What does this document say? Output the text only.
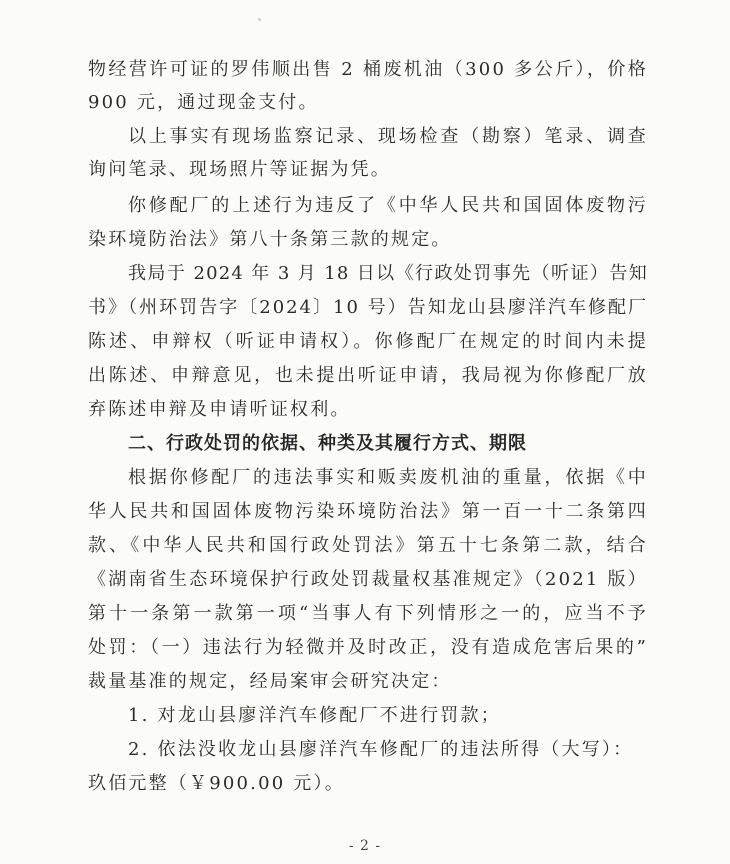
物经营许可证的罗伟顺出售 2 桶废机油（300 多公斤），价格
900 元，通过现金支付。
以上事实有现场监察记录、现场检查（勘察）笔录、调查
询问笔录、现场照片等证据为凭。
你修配厂的上述行为违反了《中华人民共和国固体废物污
染环境防治法》第八十条第三款的规定。
我局于 2024 年 3 月 18 日以《行政处罚事先（听证）告知
书》（州环罚告字〔2024〕10 号）告知龙山县廖洋汽车修配厂
陈述、申辩权（听证申请权）。你修配厂在规定的时间内未提
出陈述、申辩意见，也未提出听证申请，我局视为你修配厂放
弃陈述申辩及申请听证权利。
二、行政处罚的依据、种类及其履行方式、期限
根据你修配厂的违法事实和贩卖废机油的重量，依据《中
华人民共和国固体废物污染环境防治法》第一百一十二条第四
款、《中华人民共和国行政处罚法》第五十七条第二款，结合
《湖南省生态环境保护行政处罚裁量权基准规定》（2021 版）
第十一条第一款第一项“当事人有下列情形之一的，应当不予
处罚：（一）违法行为轻微并及时改正，没有造成危害后果的”
裁量基准的规定，经局案审会研究决定：
1. 对龙山县廖洋汽车修配厂不进行罚款；
2. 依法没收龙山县廖洋汽车修配厂的违法所得（大写）：
玖佰元整（￥900.00 元）。
- 2 -
